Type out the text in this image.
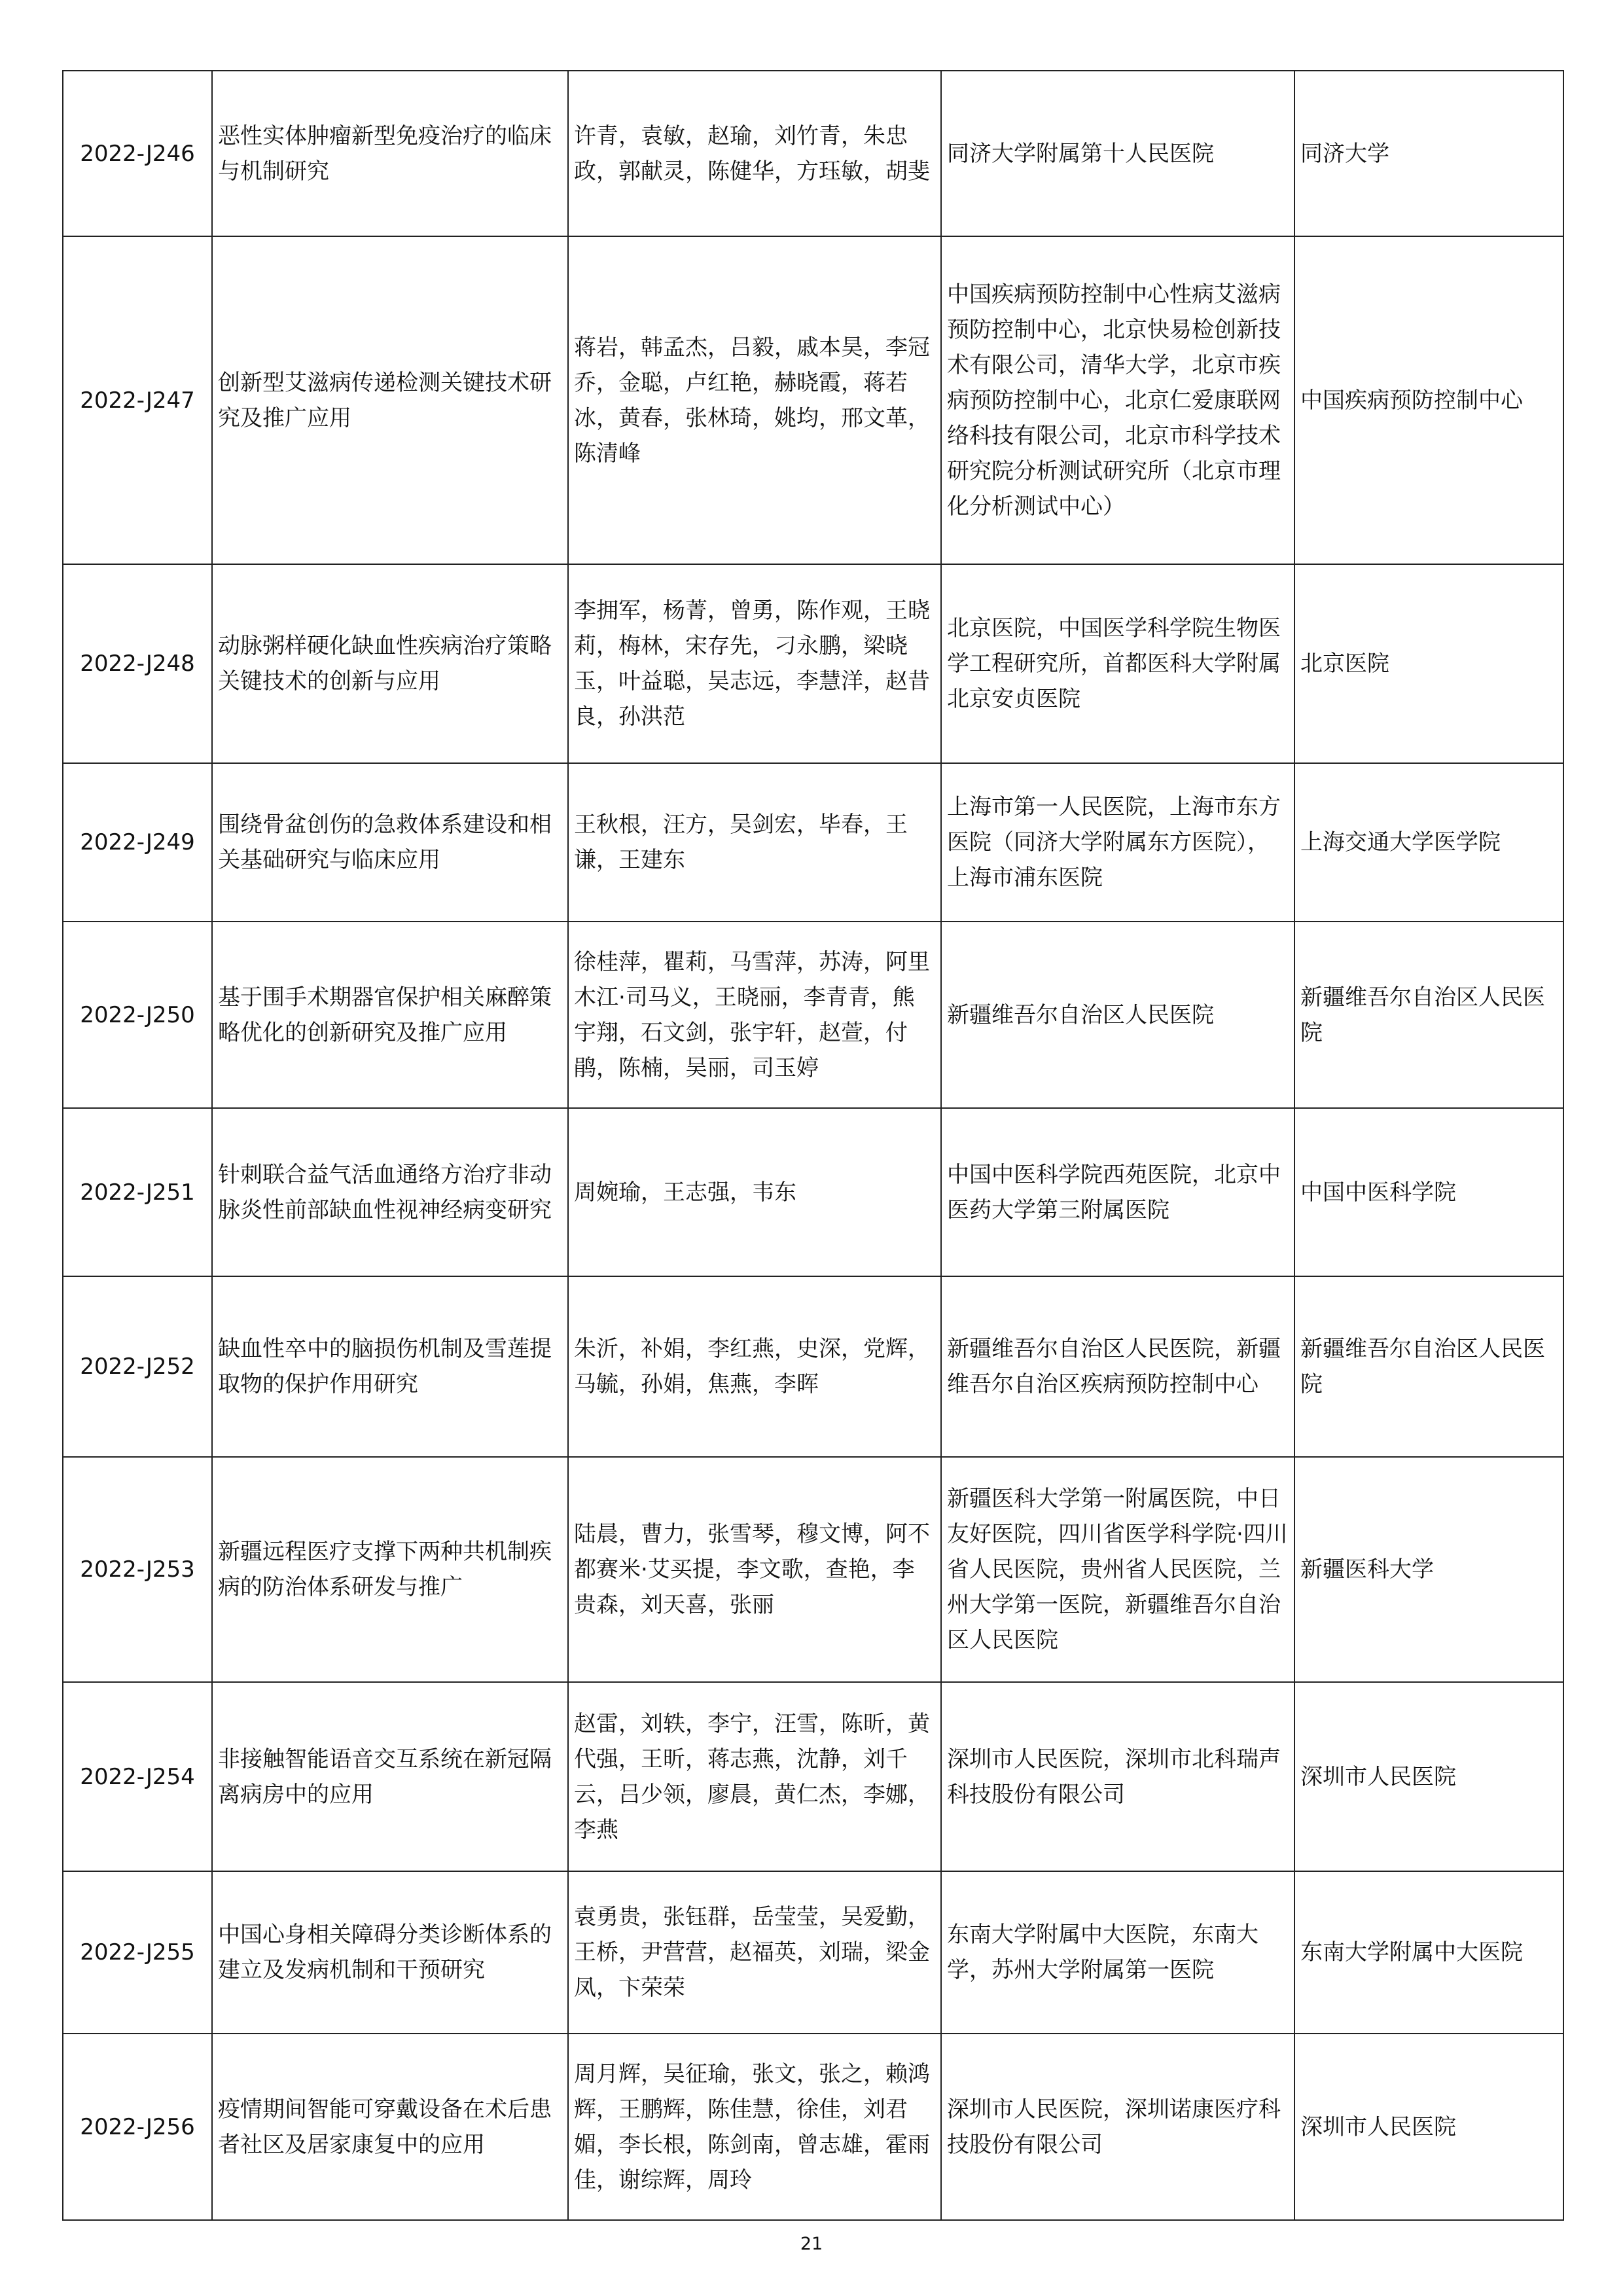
2022-J246	恶性实体肿瘤新型免疫治疗的临床与机制研究	许青，袁敏，赵瑜，刘竹青，朱忠政，郭献灵，陈健华，方珏敏，胡斐	同济大学附属第十人民医院	同济大学
2022-J247	创新型艾滋病传递检测关键技术研究及推广应用	蒋岩，韩孟杰，吕毅，戚本昊，李冠乔，金聪，卢红艳，赫晓霞，蒋若冰，黄春，张林琦，姚均，邢文革，陈清峰	中国疾病预防控制中心性病艾滋病预防控制中心，北京快易检创新技术有限公司，清华大学，北京市疾病预防控制中心，北京仁爱康联网络科技有限公司，北京市科学技术研究院分析测试研究所（北京市理化分析测试中心）	中国疾病预防控制中心
2022-J248	动脉粥样硬化缺血性疾病治疗策略关键技术的创新与应用	李拥军，杨菁，曾勇，陈作观，王晓莉，梅林，宋存先，刁永鹏，梁晓玉，叶益聪，吴志远，李慧洋，赵昔良，孙洪范	北京医院，中国医学科学院生物医学工程研究所，首都医科大学附属北京安贞医院	北京医院
2022-J249	围绕骨盆创伤的急救体系建设和相关基础研究与临床应用	王秋根，汪方，吴剑宏，毕春，王谦，王建东	上海市第一人民医院，上海市东方医院（同济大学附属东方医院），上海市浦东医院	上海交通大学医学院
2022-J250	基于围手术期器官保护相关麻醉策略优化的创新研究及推广应用	徐桂萍，瞿莉，马雪萍，苏涛，阿里木江·司马义，王晓丽，李青青，熊宇翔，石文剑，张宇轩，赵萱，付鹃，陈楠，吴丽，司玉婷	新疆维吾尔自治区人民医院	新疆维吾尔自治区人民医院
2022-J251	针刺联合益气活血通络方治疗非动脉炎性前部缺血性视神经病变研究	周婉瑜，王志强，韦东	中国中医科学院西苑医院，北京中医药大学第三附属医院	中国中医科学院
2022-J252	缺血性卒中的脑损伤机制及雪莲提取物的保护作用研究	朱沂，补娟，李红燕，史深，党辉，马毓，孙娟，焦燕，李晖	新疆维吾尔自治区人民医院，新疆维吾尔自治区疾病预防控制中心	新疆维吾尔自治区人民医院
2022-J253	新疆远程医疗支撑下两种共机制疾病的防治体系研发与推广	陆晨，曹力，张雪琴，穆文博，阿不都赛米·艾买提，李文歌，查艳，李贵森，刘天喜，张丽	新疆医科大学第一附属医院，中日友好医院，四川省医学科学院·四川省人民医院，贵州省人民医院，兰州大学第一医院，新疆维吾尔自治区人民医院	新疆医科大学
2022-J254	非接触智能语音交互系统在新冠隔离病房中的应用	赵雷，刘轶，李宁，汪雪，陈昕，黄代强，王昕，蒋志燕，沈静，刘千云，吕少领，廖晨，黄仁杰，李娜，李燕	深圳市人民医院，深圳市北科瑞声科技股份有限公司	深圳市人民医院
2022-J255	中国心身相关障碍分类诊断体系的建立及发病机制和干预研究	袁勇贵，张钰群，岳莹莹，吴爱勤，王桥，尹营营，赵福英，刘瑞，梁金凤，卞荣荣	东南大学附属中大医院，东南大学，苏州大学附属第一医院	东南大学附属中大医院
2022-J256	疫情期间智能可穿戴设备在术后患者社区及居家康复中的应用	周月辉，吴征瑜，张文，张之，赖鸿辉，王鹏辉，陈佳慧，徐佳，刘君媚，李长根，陈剑南，曾志雄，霍雨佳，谢综辉，周玲	深圳市人民医院，深圳诺康医疗科技股份有限公司	深圳市人民医院
21
